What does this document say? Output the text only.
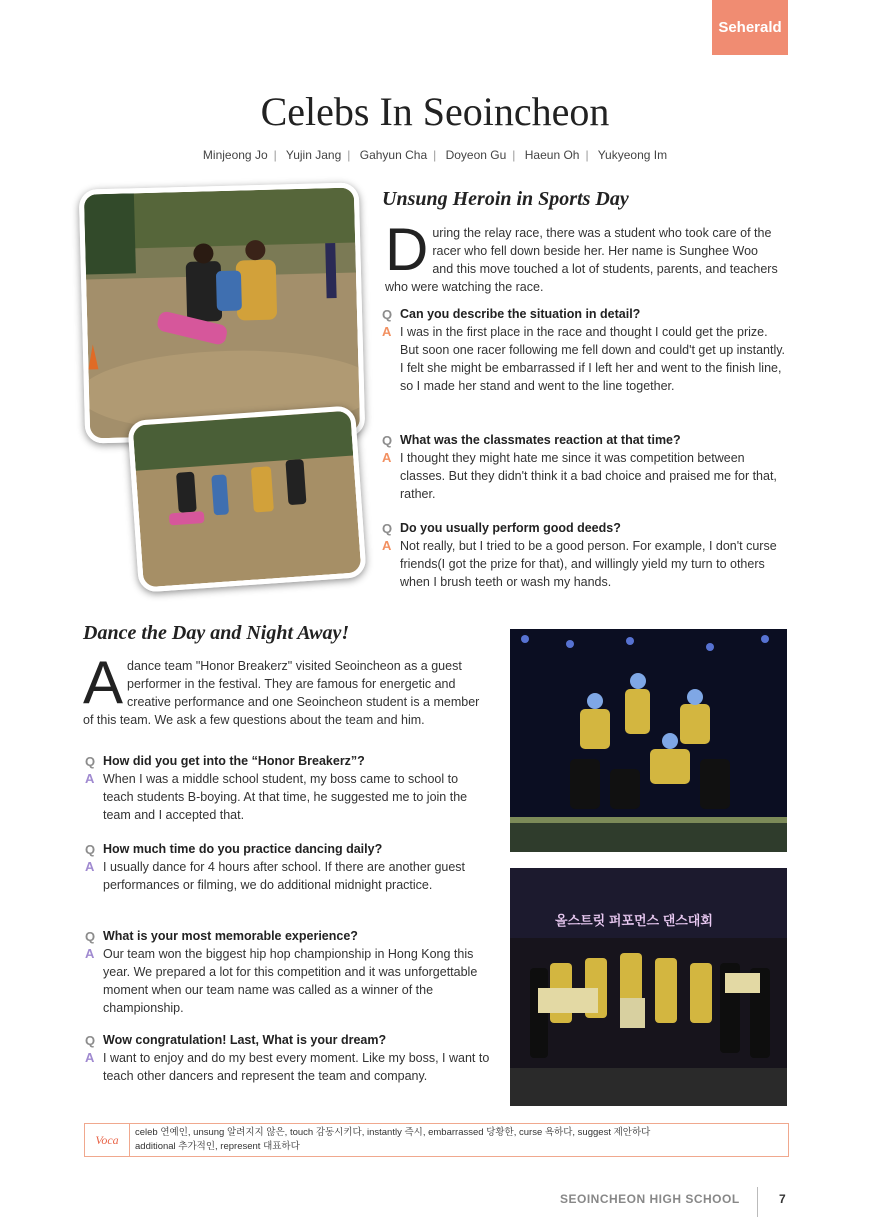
Seherald
Celebs In Seoincheon
Minjeong Jo | Yujin Jang | Gahyun Cha | Doyeon Gu | Haeun Oh | Yukyeong Im
Unsung Heroin in Sports Day
During the relay race, there was a student who took care of the racer who fell down beside her. Her name is Sunghee Woo and this move touched a lot of students, parents, and teachers who were watching the race.
Q Can you describe the situation in detail?
A I was in the first place in the race and thought I could get the prize. But soon one racer following me fell down and could't get up instantly. I felt she might be embarrassed if I left her and went to the finish line, so I made her stand and went to the line together.
Q What was the classmates reaction at that time?
A I thought they might hate me since it was competition between classes. But they didn't think it a bad choice and praised me for that, rather.
Q Do you usually perform good deeds?
A Not really, but I tried to be a good person. For example, I don't curse friends(I got the prize for that), and willingly yield my turn to others when I brush teeth or wash my hands.
Dance the Day and Night Away!
Adance team "Honor Breakerz" visited Seoincheon as a guest performer in the festival. They are famous for energetic and creative performance and one Seoincheon student is a member of this team. We ask a few questions about the team and him.
Q How did you get into the “Honor Breakerz”?
A When I was a middle school student, my boss came to school to teach students B-boying. At that time, he suggested me to join the team and I accepted that.
Q How much time do you practice dancing daily?
A I usually dance for 4 hours after school. If there are another guest performances or filming, we do additional midnight practice.
Q What is your most memorable experience?
A Our team won the biggest hip hop championship in Hong Kong this year. We prepared a lot for this competition and it was unforgettable moment when our team name was called as a winner of the championship.
Q Wow congratulation! Last, What is your dream?
A I want to enjoy and do my best every moment. Like my boss, I want to teach other dancers and represent the team and company.
올스트릿 퍼포먼스 댄스대회
Voca
celeb 연예인, unsung 알려지지 않은, touch 감동시키다, instantly 즉시, embarrassed 당황한, curse 욕하다, suggest 제안하다
additional 추가적인, represent 대표하다
SEOINCHEON HIGH SCHOOL	7
